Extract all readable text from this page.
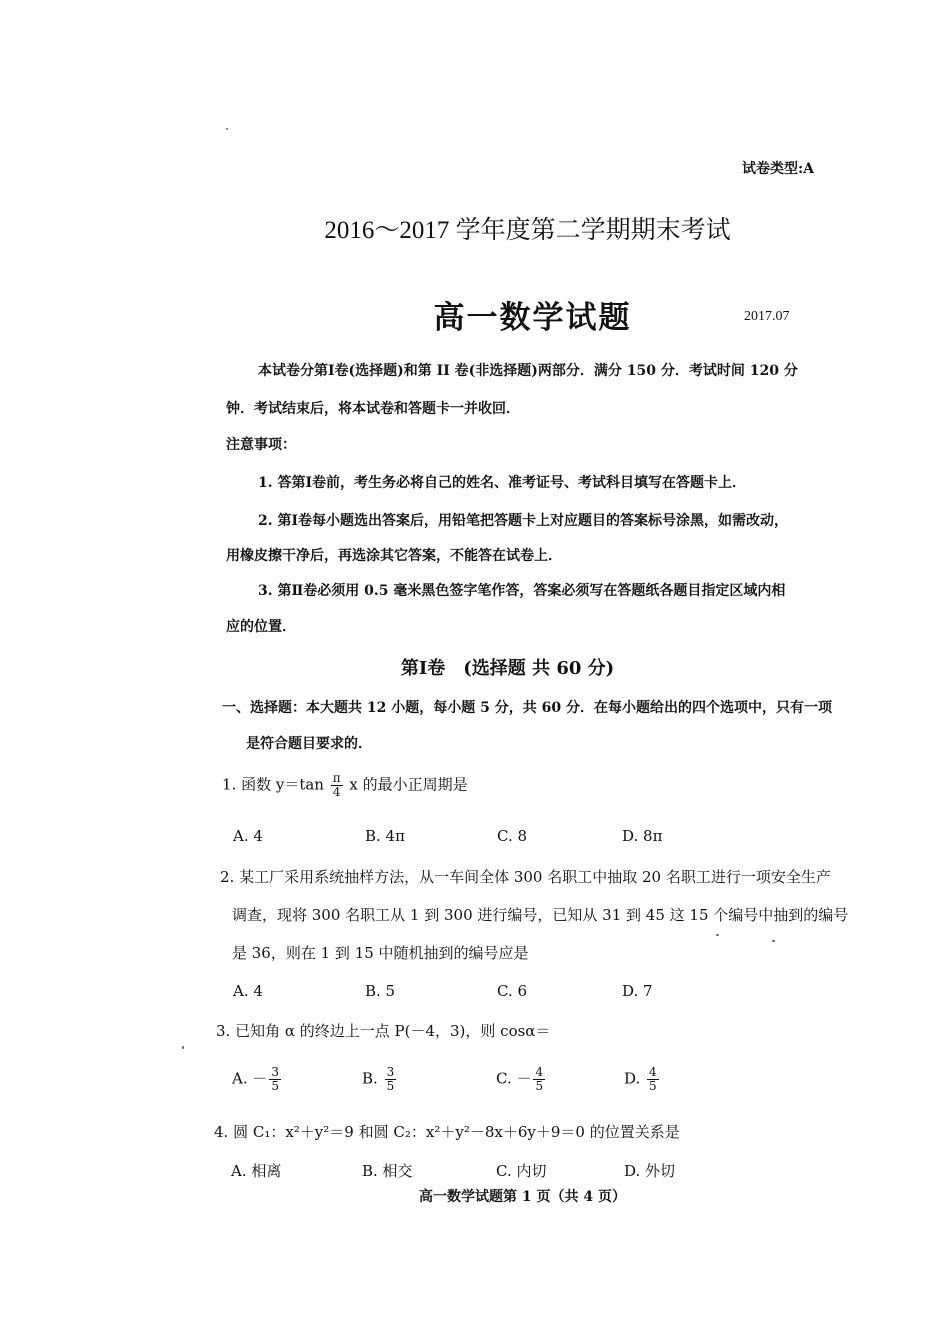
试卷类型:A
2016～2017 学年度第二学期期末考试
高一数学试题	2017.07
本试卷分第Ⅰ卷(选择题)和第 II 卷(非选择题)两部分．满分 150 分．考试时间 120 分
钟．考试结束后，将本试卷和答题卡一并收回．
注意事项：
1. 答第Ⅰ卷前，考生务必将自己的姓名、准考证号、考试科目填写在答题卡上．
2. 第Ⅰ卷每小题选出答案后，用铅笔把答题卡上对应题目的答案标号涂黑，如需改动，
用橡皮擦干净后，再选涂其它答案，不能答在试卷上．
3. 第Ⅱ卷必须用 0.5 毫米黑色签字笔作答，答案必须写在答题纸各题目指定区域内相
应的位置．
第Ⅰ卷　(选择题 共 60 分)
一、选择题：本大题共 12 小题，每小题 5 分，共 60 分．在每小题给出的四个选项中，只有一项
是符合题目要求的．
1. 函数 $y=\tan \frac{\pi}{4}$ x 的最小正周期是
A. 4	B. 4π	C. 8	D. 8π
2. 某工厂采用系统抽样方法，从一车间全体 300 名职工中抽取 20 名职工进行一项安全生产
调查，现将 300 名职工从 1 到 300 进行编号，已知从 31 到 45 这 15 个编号中抽到的编号
是 36，则在 1 到 15 中随机抽到的编号应是
A. 4	B. 5	C. 6	D. 7
3. 已知角 α 的终边上一点 P(－4，3)，则 cosα＝
A. － $\frac{3}{5}$	B. $\frac{3}{5}$	C. － $\frac{4}{5}$	D. $\frac{4}{5}$
4. 圆 C₁：x²＋y²＝9 和圆 C₂：x²＋y²－8x＋6y＋9＝0 的位置关系是
A. 相离	B. 相交	C. 内切	D. 外切
高一数学试题第 1 页（共 4 页）
